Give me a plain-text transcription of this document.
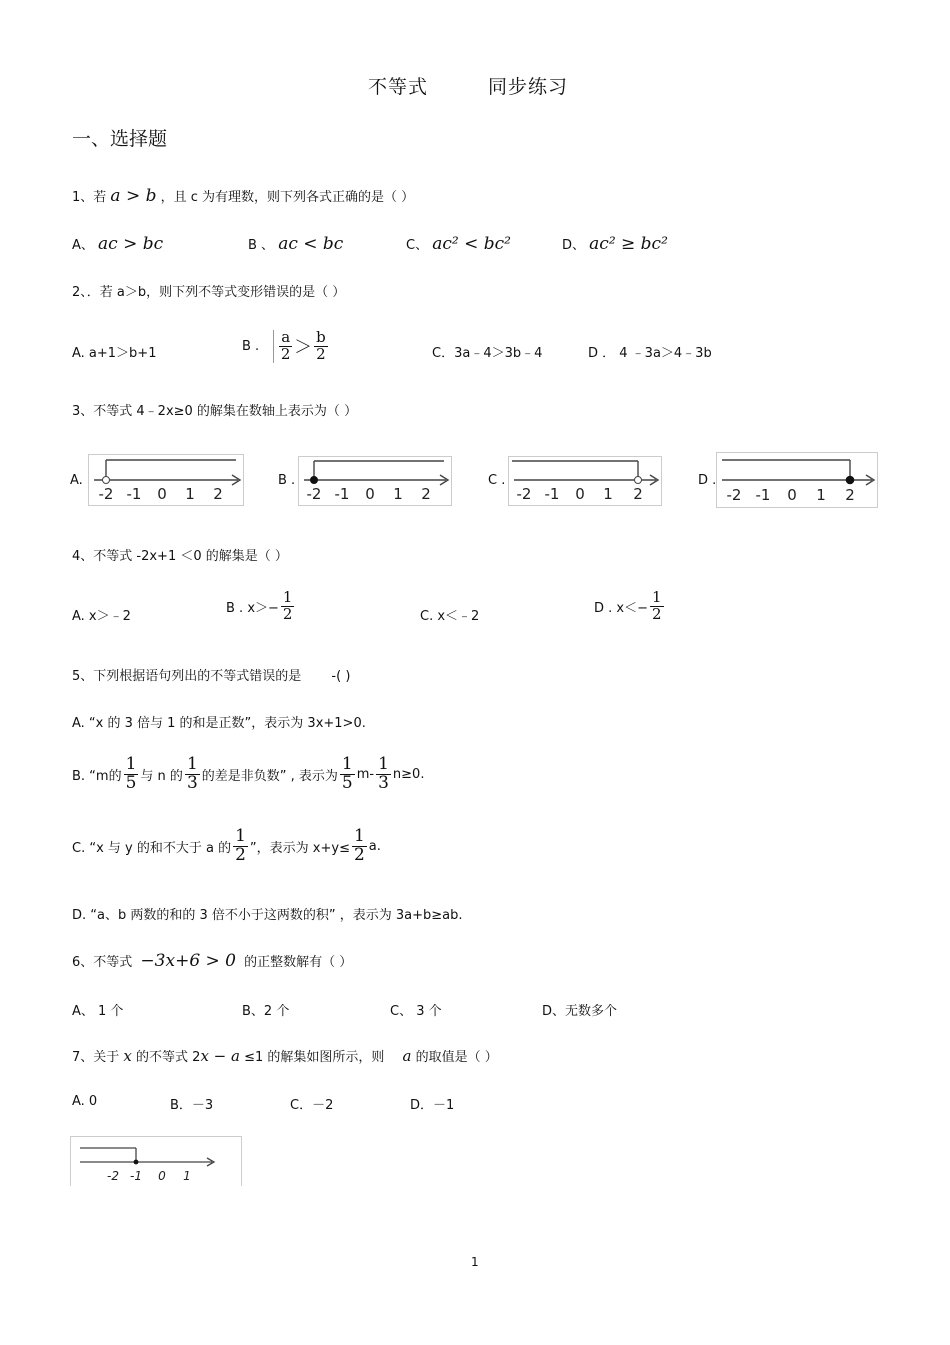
不等式	同步练习
一、选择题
1、若 a > b ，且 c 为有理数，则下列各式正确的是（ ）
A、 ac > bc	B 、 ac < bc	C、 ac² < bc²	D、 ac² ≥ bc²
2、．若 a＞b，则下列不等式变形错误的是（ ）
A. a+1＞b+1	B . $\frac{a}{2} > \frac{b}{2}$	C．3a﹣4＞3b﹣4	D ． 4 ﹣3a＞4﹣3b
3、不等式 4﹣2x≥0 的解集在数轴上表示为（ ）
A.
-2 -1 0 1 2
B .
-2 -1 0 1 2
C .
-2 -1 0 1 2
D .
-2 -1 0 1 2
4、不等式 -2x+1 ＜0 的解集是（ ）
A. x＞﹣2
B . $x>- \frac{1}{2}$	C. x＜﹣2
D . $x<- \frac{1}{2}$
5、下列根据语句列出的不等式错误的是 -( )
A. “x 的 3 倍与 1 的和是正数”，表示为 3x+1>0.
B. “m的 $\frac{1}{5}$ 与 n 的 $\frac{1}{3}$ 的差是非负数” , 表示为 $\frac{1}{5} m- \frac{1}{3} n\ge 0$.
C. “x 与 y 的和不大于 a 的 $\frac{1}{2}$ ”，表示为 $x+y\le \frac{1}{2} a$.
D. “a、b 两数的和的 3 倍不小于这两数的积” ，表示为 3a+b≥ab.
6、不等式 −3x+6 > 0 的正整数解有（ ）
A、 1 个	B、2 个	C、 3 个	D、无数多个
7、关于 x 的不等式 2x − a ≤1 的解集如图所示，则 a 的取值是（ ）
A. 0	B．－3	C．－2	D．－1
-2 -1 0 1
1
